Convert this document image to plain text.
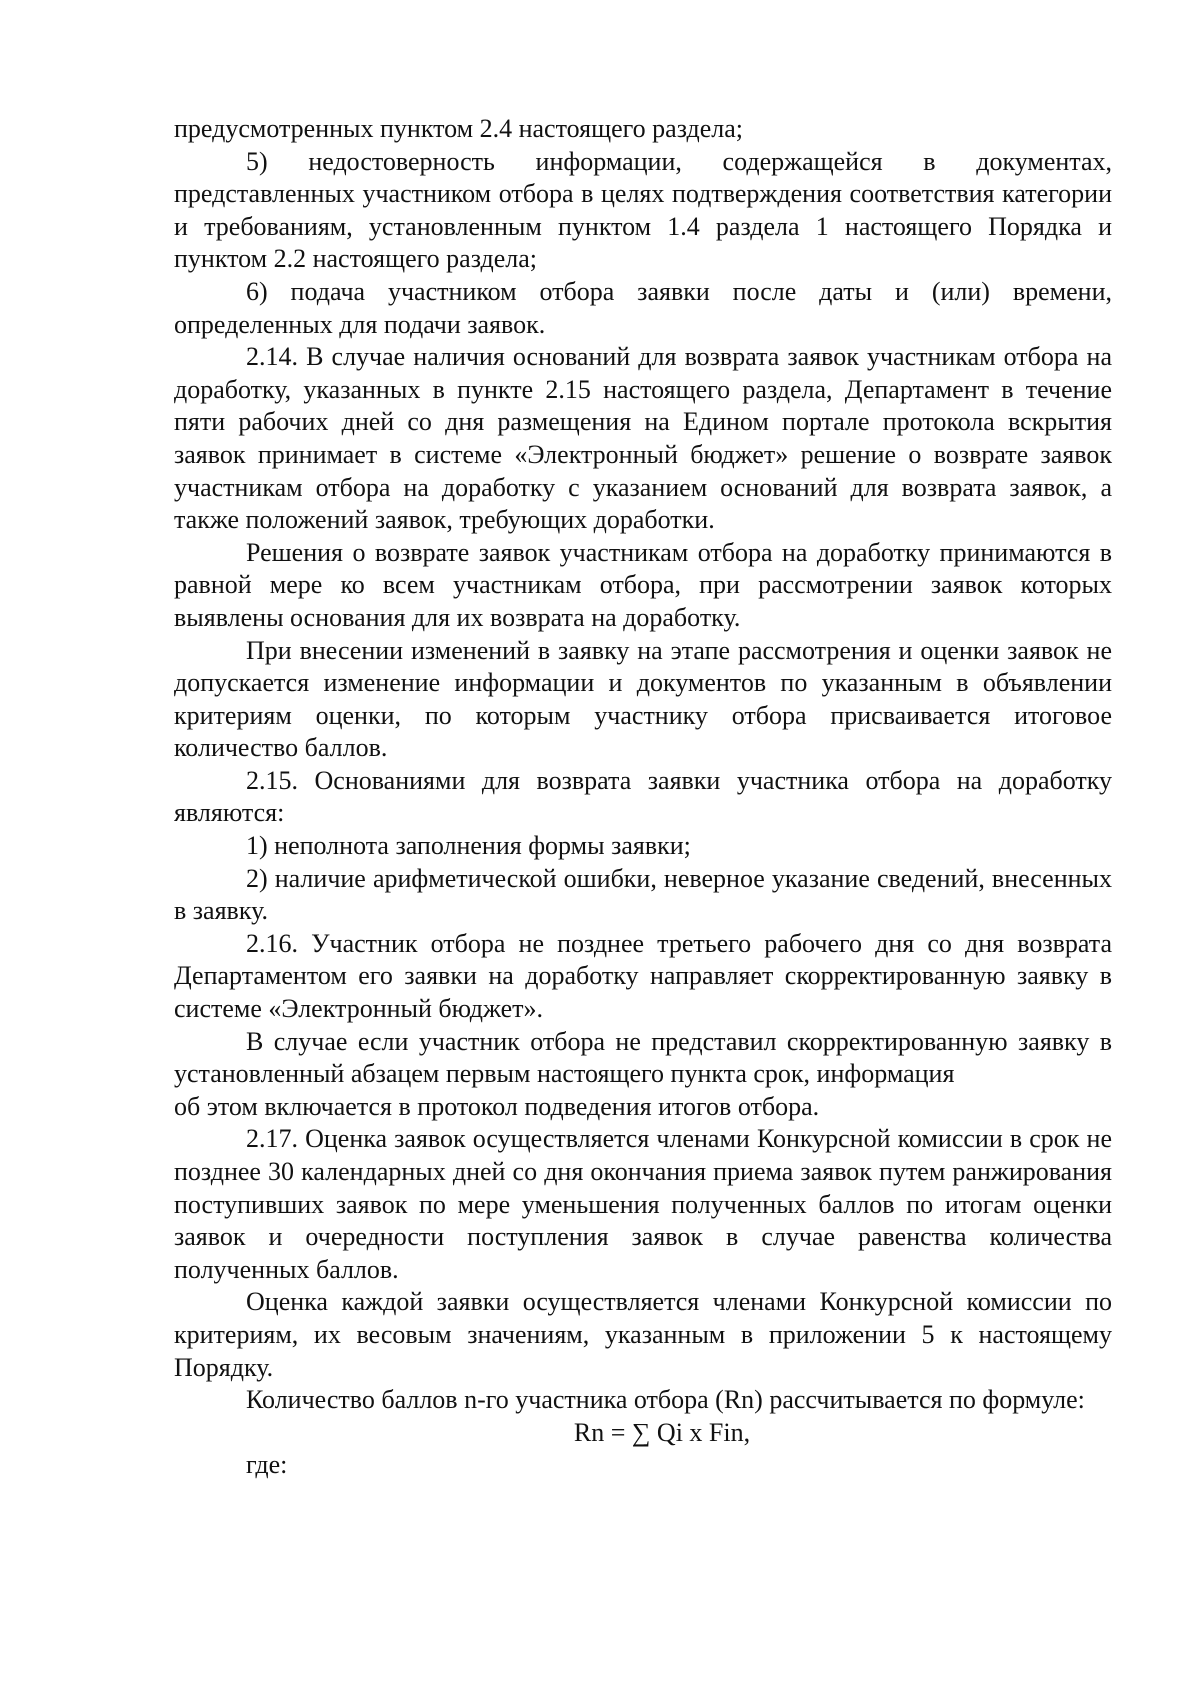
предусмотренных пунктом 2.4 настоящего раздела;

5) недостоверность информации, содержащейся в документах, представленных участником отбора в целях подтверждения соответствия категории и требованиям, установленным пунктом 1.4 раздела 1 настоящего Порядка и пунктом 2.2 настоящего раздела;

6) подача участником отбора заявки после даты и (или) времени, определенных для подачи заявок.

2.14. В случае наличия оснований для возврата заявок участникам отбора на доработку, указанных в пункте 2.15 настоящего раздела, Департамент в течение пяти рабочих дней со дня размещения на Едином портале протокола вскрытия заявок принимает в системе «Электронный бюджет» решение о возврате заявок участникам отбора на доработку с указанием оснований для возврата заявок, а также положений заявок, требующих доработки.

Решения о возврате заявок участникам отбора на доработку принимаются в равной мере ко всем участникам отбора, при рассмотрении заявок которых выявлены основания для их возврата на доработку.

При внесении изменений в заявку на этапе рассмотрения и оценки заявок не допускается изменение информации и документов по указанным в объявлении критериям оценки, по которым участнику отбора присваивается итоговое количество баллов.

2.15. Основаниями для возврата заявки участника отбора на доработку являются:

1) неполнота заполнения формы заявки;

2) наличие арифметической ошибки, неверное указание сведений, внесенных в заявку.

2.16. Участник отбора не позднее третьего рабочего дня со дня возврата Департаментом его заявки на доработку направляет скорректированную заявку в системе «Электронный бюджет».

В случае если участник отбора не представил скорректированную заявку в установленный абзацем первым настоящего пункта срок, информация

об этом включается в протокол подведения итогов отбора.

2.17. Оценка заявок осуществляется членами Конкурсной комиссии в срок не позднее 30 календарных дней со дня окончания приема заявок путем ранжирования поступивших заявок по мере уменьшения полученных баллов по итогам оценки заявок и очередности поступления заявок в случае равенства количества полученных баллов.

Оценка каждой заявки осуществляется членами Конкурсной комиссии по критериям, их весовым значениям, указанным в приложении 5 к настоящему Порядку.

Количество баллов n-го участника отбора (Rn) рассчитывается по формуле:

Rn = ∑ Qi x Fin,

где:
